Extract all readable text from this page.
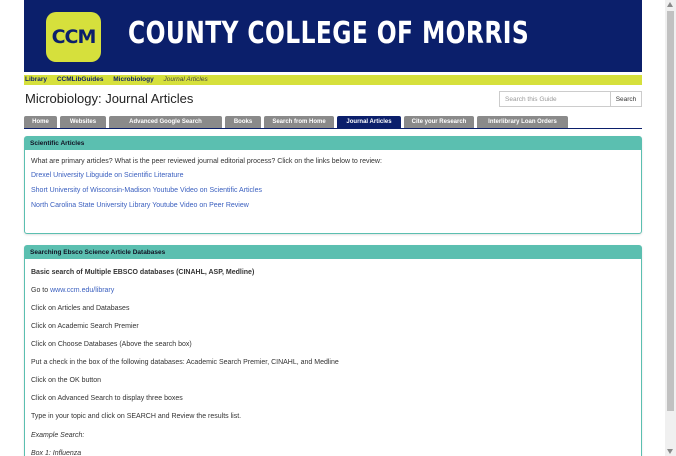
CCM COUNTY COLLEGE OF MORRIS
Library CCMLibGuides Microbiology Journal Articles
Microbiology: Journal Articles
Search this Guide	Search
Home	Websites	Advanced Google Search	Books	Search from Home	Journal Articles	Cite your Research	Interlibrary Loan Orders
Scientific Articles
What are primary articles? What is the peer reviewed journal editorial process? Click on the links below to review:
Drexel University Libguide on Scientific Literature
Short University of Wisconsin-Madison Youtube Video on Scientific Articles
North Carolina State University Library Youtube Video on Peer Review
Searching Ebsco Science Article Databases
Basic search of Multiple EBSCO databases (CINAHL, ASP, Medline)
Go to www.ccm.edu/library
Click on Articles and Databases
Click on Academic Search Premier
Click on Choose Databases (Above the search box)
Put a check in the box of the following databases: Academic Search Premier, CINAHL, and Medline
Click on the OK button
Click on Advanced Search to display three boxes
Type in your topic and click on SEARCH and Review the results list.
Example Search:
Box 1: Influenza
